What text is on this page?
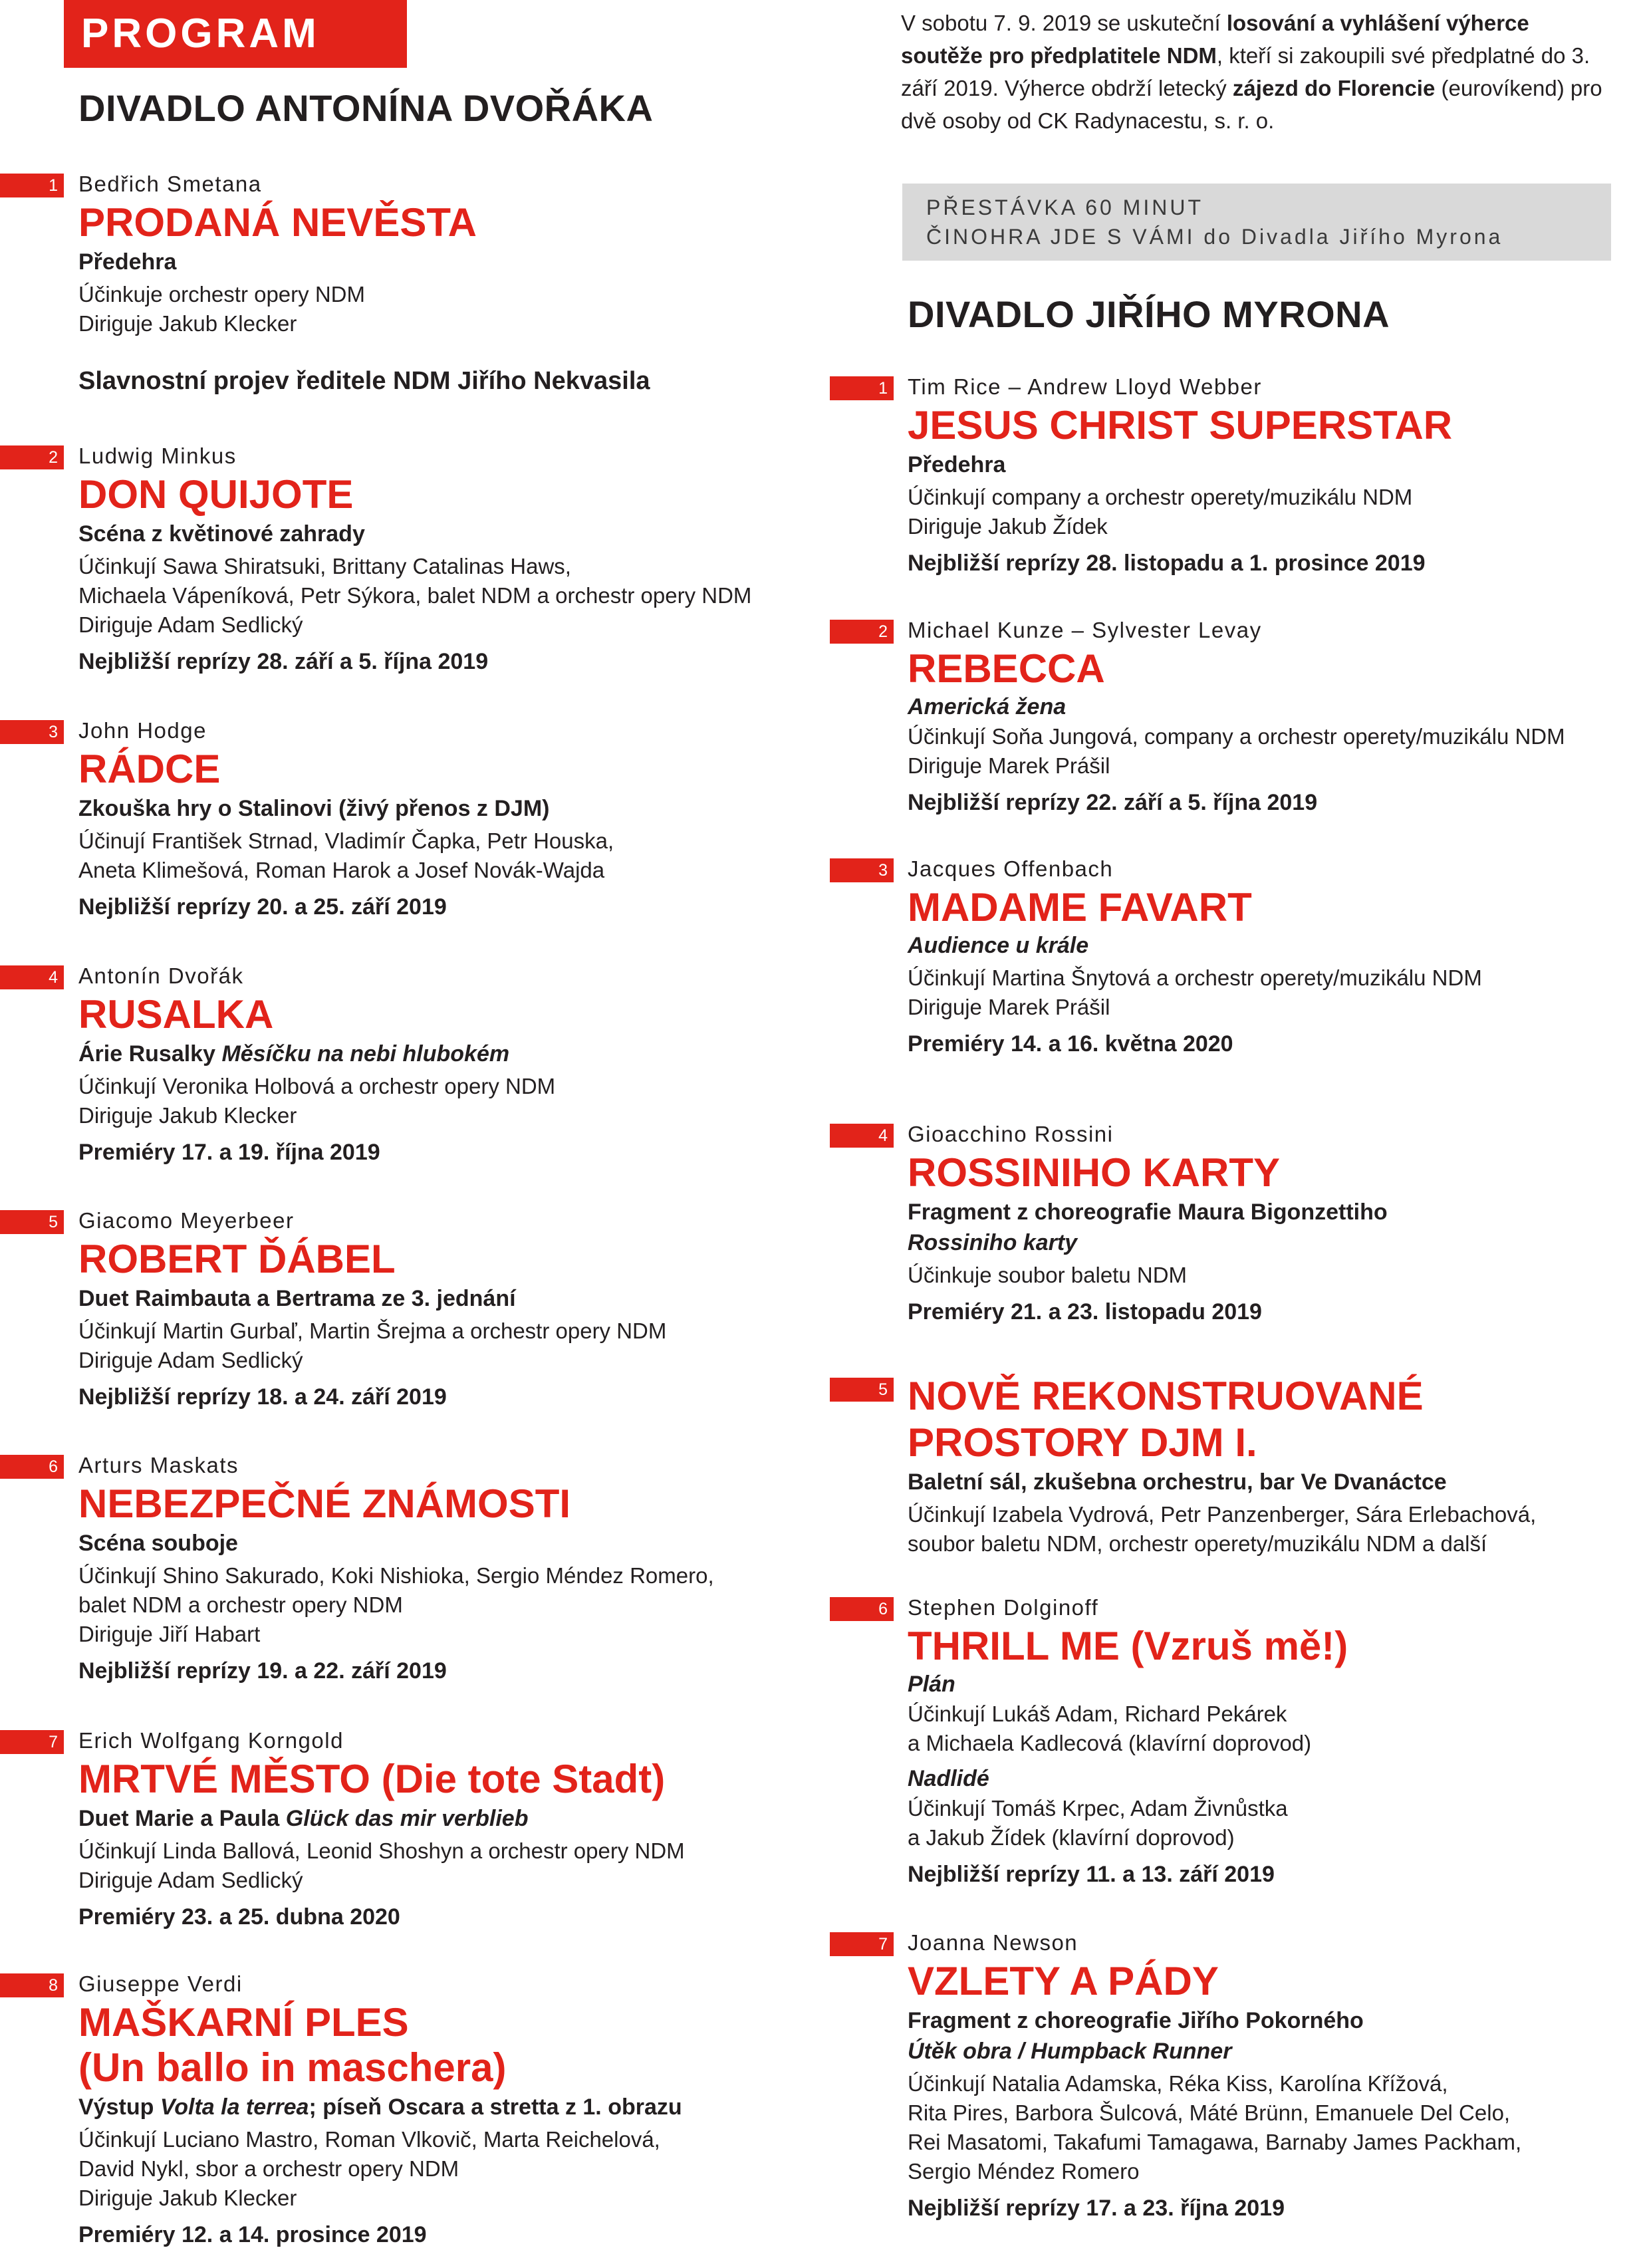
PROGRAM
DIVADLO ANTONÍNA DVOŘÁKA
1 Bedřich Smetana
PRODANÁ NEVĚSTA
Předehra
Účinkuje orchestr opery NDM
Diriguje Jakub Klecker
Slavnostní projev ředitele NDM Jiřího Nekvasila
2 Ludwig Minkus
DON QUIJOTE
Scéna z květinové zahrady
Účinkují Sawa Shiratsuki, Brittany Catalinas Haws,
Michaela Vápeníková, Petr Sýkora, balet NDM a orchestr opery NDM
Diriguje Adam Sedlický
Nejbližší reprízy 28. září a 5. října 2019
3 John Hodge
RÁDCE
Zkouška hry o Stalinovi (živý přenos z DJM)
Účinují František Strnad, Vladimír Čapka, Petr Houska,
Aneta Klimešová, Roman Harok a Josef Novák-Wajda
Nejbližší reprízy 20. a 25. září 2019
4 Antonín Dvořák
RUSALKA
Árie Rusalky Měsíčku na nebi hlubokém
Účinkují Veronika Holbová a orchestr opery NDM
Diriguje Jakub Klecker
Premiéry 17. a 19. října 2019
5 Giacomo Meyerbeer
ROBERT ĎÁBEL
Duet Raimbauta a Bertrama ze 3. jednání
Účinkují Martin Gurbaľ, Martin Šrejma a orchestr opery NDM
Diriguje Adam Sedlický
Nejbližší reprízy 18. a 24. září 2019
6 Arturs Maskats
NEBEZPEČNÉ ZNÁMOSTI
Scéna souboje
Účinkují Shino Sakurado, Koki Nishioka, Sergio Méndez Romero,
balet NDM a orchestr opery NDM
Diriguje Jiří Habart
Nejbližší reprízy 19. a 22. září 2019
7 Erich Wolfgang Korngold
MRTVÉ MĚSTO (Die tote Stadt)
Duet Marie a Paula Glück das mir verblieb
Účinkují Linda Ballová, Leonid Shoshyn a orchestr opery NDM
Diriguje Adam Sedlický
Premiéry 23. a 25. dubna 2020
8 Giuseppe Verdi
MAŠKARNÍ PLES
(Un ballo in maschera)
Výstup Volta la terrea; píseň Oscara a stretta z 1. obrazu
Účinkují Luciano Mastro, Roman Vlkovič, Marta Reichelová,
David Nykl, sbor a orchestr opery NDM
Diriguje Jakub Klecker
Premiéry 12. a 14. prosince 2019
V sobotu 7. 9. 2019 se uskuteční losování a vyhlášení výherce soutěže pro předplatitele NDM, kteří si zakoupili své předplatné do 3. září 2019. Výherce obdrží letecký zájezd do Florencie (eurovíkend) pro dvě osoby od CK Radynacestu, s. r. o.
PŘESTÁVKA 60 MINUT
ČINOHRA JDE S VÁMI do Divadla Jiřího Myrona
DIVADLO JIŘÍHO MYRONA
1 Tim Rice – Andrew Lloyd Webber
JESUS CHRIST SUPERSTAR
Předehra
Účinkují company a orchestr operety/muzikálu NDM
Diriguje Jakub Žídek
Nejbližší reprízy 28. listopadu a 1. prosince 2019
2 Michael Kunze – Sylvester Levay
REBECCA
Americká žena
Účinkují Soňa Jungová, company a orchestr operety/muzikálu NDM
Diriguje Marek Prášil
Nejbližší reprízy 22. září a 5. října 2019
3 Jacques Offenbach
MADAME FAVART
Audience u krále
Účinkují Martina Šnytová a orchestr operety/muzikálu NDM
Diriguje Marek Prášil
Premiéry 14. a 16. května 2020
4 Gioacchino Rossini
ROSSINIHO KARTY
Fragment z choreografie Maura Bigonzettiho
Rossiniho karty
Účinkuje soubor baletu NDM
Premiéry 21. a 23. listopadu 2019
5 NOVĚ REKONSTRUOVANÉ
PROSTORY DJM I.
Baletní sál, zkušebna orchestru, bar Ve Dvanáctce
Účinkují Izabela Vydrová, Petr Panzenberger, Sára Erlebachová,
soubor baletu NDM, orchestr operety/muzikálu NDM a další
6 Stephen Dolginoff
THRILL ME (Vzruš mě!)
Plán
Účinkují Lukáš Adam, Richard Pekárek
a Michaela Kadlecová (klavírní doprovod)
Nadlidé
Účinkují Tomáš Krpec, Adam Živnůstka
a Jakub Žídek (klavírní doprovod)
Nejbližší reprízy 11. a 13. září 2019
7 Joanna Newson
VZLETY A PÁDY
Fragment z choreografie Jiřího Pokorného
Útěk obra / Humpback Runner
Účinkují Natalia Adamska, Réka Kiss, Karolína Křížová,
Rita Pires, Barbora Šulcová, Máté Brünn, Emanuele Del Celo,
Rei Masatomi, Takafumi Tamagawa, Barnaby James Packham,
Sergio Méndez Romero
Nejbližší reprízy 17. a 23. října 2019
